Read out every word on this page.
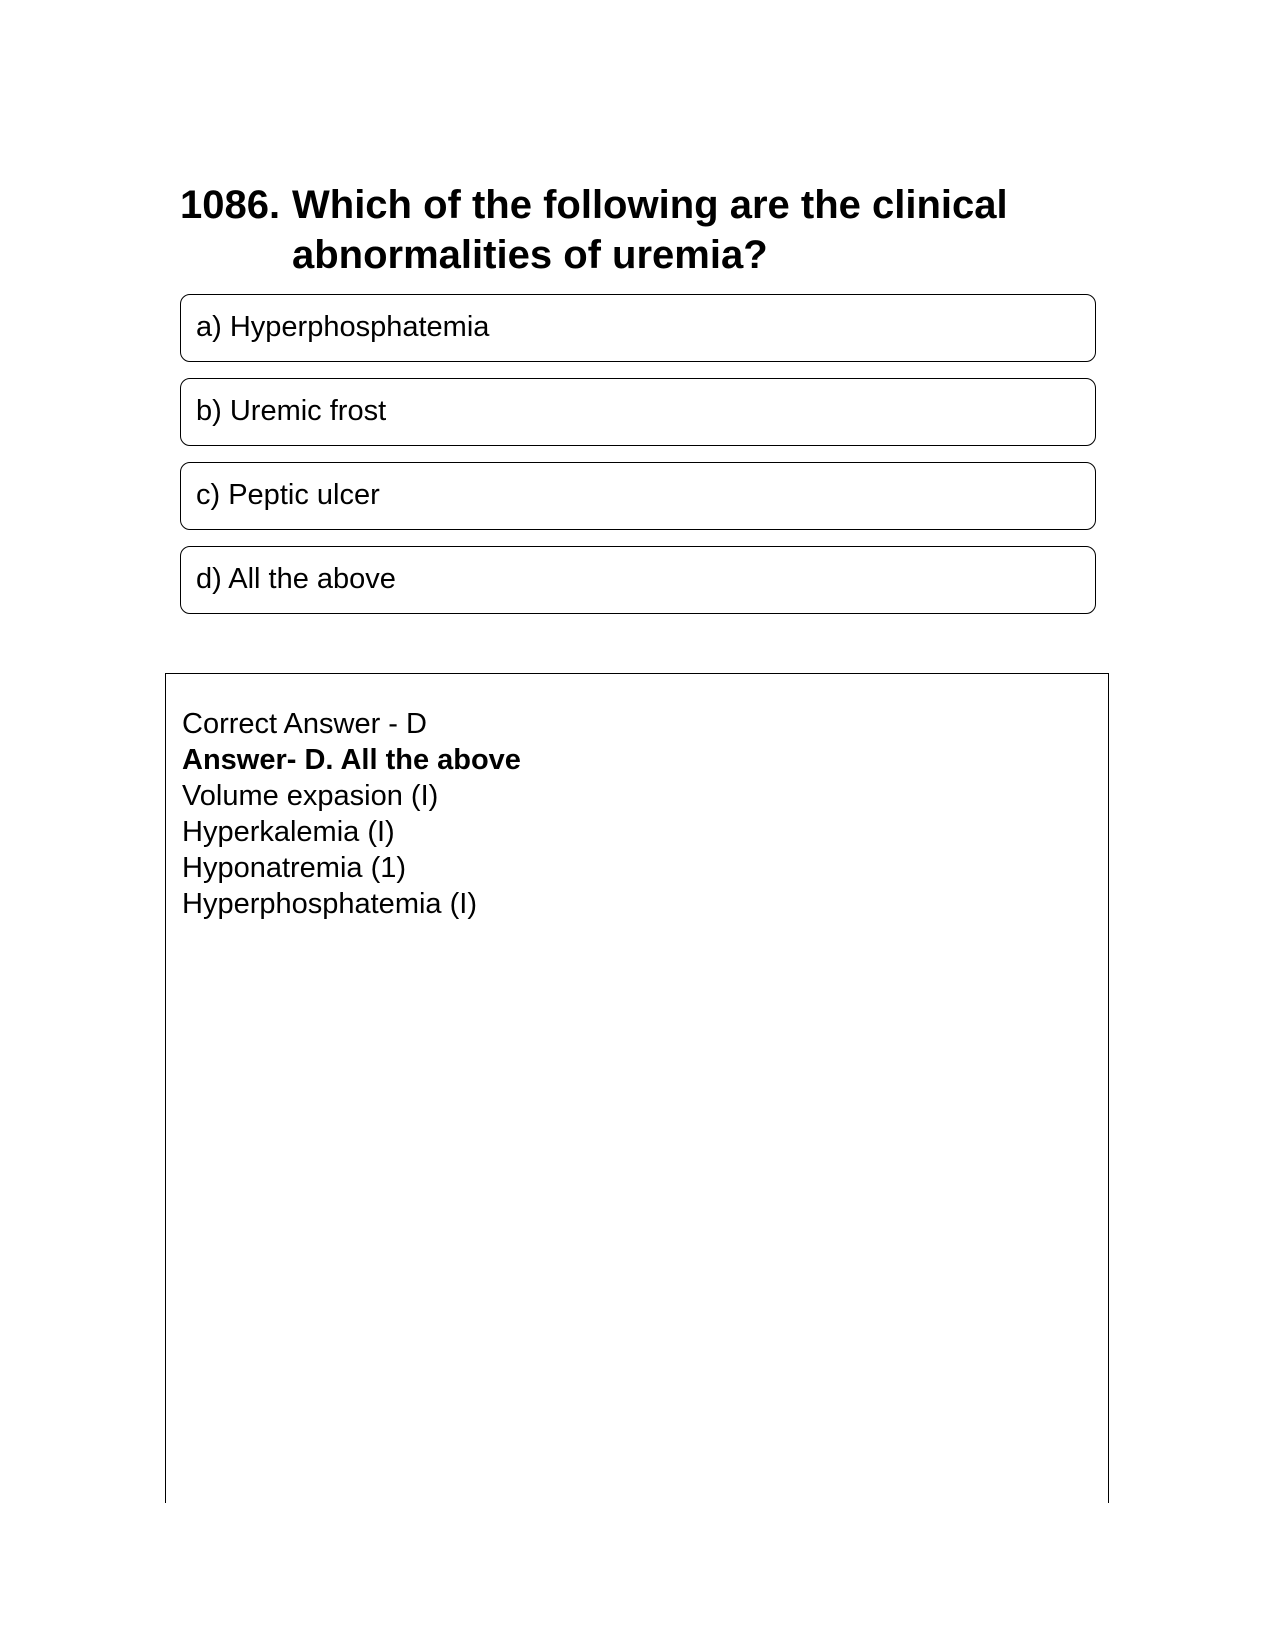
1086. Which of the following are the clinical abnormalities of uremia?
a) Hyperphosphatemia
b) Uremic frost
c) Peptic ulcer
d) All the above
Correct Answer - D
Answer- D. All the above
Volume expasion (I)
Hyperkalemia (I)
Hyponatremia (1)
Hyperphosphatemia (I)
